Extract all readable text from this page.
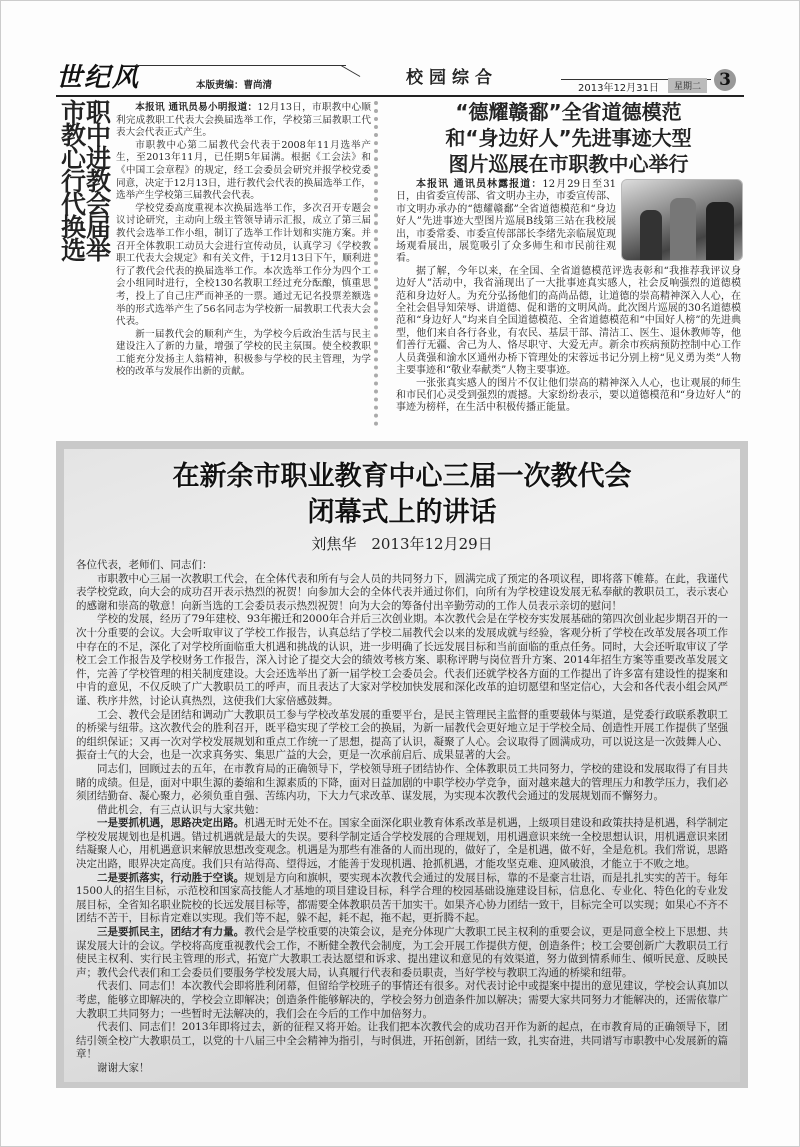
世纪风	本版责编：曹尚清	校园综合
2013年12月31日	星期二	3
市职教中心进行教代会换届选举

本报讯 通讯员易小明报道：12月13日，市职教中心顺利完成教职工代表大会换届选举工作，学校第三届教职工代表大会代表正式产生。

市职教中心第二届教代会代表于2008年11月选举产生，至2013年11月，已任期5年届满。根据《工会法》和《中国工会章程》的规定，经工会委员会研究并报学校党委同意，决定于12月13日，进行教代会代表的换届选举工作，选举产生学校第三届教代会代表。

学校党委高度重视本次换届选举工作，多次召开专题会议讨论研究，主动向上级主管领导请示汇报，成立了第三届教代会选举工作小组，制订了选举工作计划和实施方案。并召开全体教职工动员大会进行宣传动员，认真学习《学校教职工代表大会规定》和有关文件，于12月13日下午，顺利进行了教代会代表的换届选举工作。本次选举工作分为四个工会小组同时进行，全校130名教职工经过充分酝酿，慎重思考，投上了自己庄严而神圣的一票。通过无记名投票差额选举的形式选举产生了56名同志为学校新一届教职工代表大会代表。

新一届教代会的顺利产生，为学校今后政治生活与民主建设注入了新的力量，增强了学校的民主氛围。使全校教职工能充分发扬主人翁精神，积极参与学校的民主管理，为学校的改革与发展作出新的贡献。

“德耀赣鄱”全省道德模范
和“身边好人”先进事迹大型
图片巡展在市职教中心举行

本报讯 通讯员林露报道：12月29日至31日，由省委宣传部、省文明办主办，市委宣传部、市文明办承办的“德耀赣鄱”全省道德模范和“身边好人”先进事迹大型图片巡展B线第三站在我校展出，市委常委、市委宣传部部长李绪先亲临展览现场观看展出，展览吸引了众多师生和市民前往观看。

据了解，今年以来，在全国、全省道德模范评选表彰和“我推荐我评议身边好人”活动中，我省涌现出了一大批事迹真实感人，社会反响强烈的道德模范和身边好人。为充分弘扬他们的高尚品德，让道德的崇高精神深入人心，在全社会倡导知荣辱、讲道德、促和谐的文明风尚。此次图片巡展的30名道德模范和“身边好人”均来自全国道德模范、全省道德模范和“中国好人榜”的先进典型，他们来自各行各业，有农民、基层干部、清洁工、医生、退休教师等，他们善行无疆、舍己为人、恪尽职守、大爱无声。新余市疾病预防控制中心工作人员龚强和渝水区通州办桥下管理处的宋蓉远书记分别上榜“见义勇为类”人物主要事迹和“敬业奉献类”人物主要事迹。

一张张真实感人的图片不仅让他们崇高的精神深入人心，也让观展的师生和市民们心灵受到强烈的震撼。大家纷纷表示，要以道德模范和“身边好人”的事迹为榜样，在生活中积极传播正能量。

在新余市职业教育中心三届一次教代会
闭幕式上的讲话
刘焦华　2013年12月29日

各位代表，老师们、同志们：

市职教中心三届一次教职工代会，在全体代表和所有与会人员的共同努力下，圆满完成了预定的各项议程，即将落下帷幕。在此，我谨代表学校党政，向大会的成功召开表示热烈的祝贺！向参加大会的全体代表并通过你们，向所有为学校建设发展无私奉献的教职员工，表示衷心的感谢和崇高的敬意！向新当选的工会委员表示热烈祝贺！向为大会的筹备付出辛勤劳动的工作人员表示亲切的慰问！

学校的发展，经历了79年建校、93年搬迁和2000年合并后三次创业期。本次教代会是在学校夯实发展基础的第四次创业起步期召开的一次十分重要的会议。大会听取审议了学校工作报告，认真总结了学校二届教代会以来的发展成就与经验，客观分析了学校在改革发展各项工作中存在的不足，深化了对学校所面临重大机遇和挑战的认识，进一步明确了长远发展目标和当前面临的重点任务。同时，大会还听取审议了学校工会工作报告及学校财务工作报告，深入讨论了提交大会的绩效考核方案、职称评聘与岗位晋升方案、2014年招生方案等重要改革发展文件，完善了学校管理的相关制度建设。大会还选举出了新一届学校工会委员会。代表们还就学校各方面的工作提出了许多富有建设性的提案和中肯的意见，不仅反映了广大教职员工的呼声，而且表达了大家对学校加快发展和深化改革的迫切愿望和坚定信心，大会和各代表小组会风严谨、秩序井然，讨论认真热烈，这使我们大家倍感鼓舞。

工会、教代会是团结和调动广大教职员工参与学校改革发展的重要平台，是民主管理民主监督的重要载体与渠道，是党委行政联系教职工的桥梁与纽带。这次教代会的胜利召开，既平稳实现了学校工会的换届，为新一届教代会更好地立足于学校全局、创造性开展工作提供了坚强的组织保证；又再一次对学校发展规划和重点工作统一了思想，提高了认识，凝聚了人心。会议取得了圆满成功，可以说这是一次鼓舞人心、振奋士气的大会，也是一次求真务实、集思广益的大会，更是一次承前启后、成果显著的大会。

同志们，回顾过去的五年，在市教育局的正确领导下，学校领导班子团结协作、全体教职员工共同努力，学校的建设和发展取得了有目共睹的成绩。但是，面对中职生源的萎缩和生源素质的下降，面对日益加剧的中职学校办学竞争，面对越来越大的管理压力和教学压力，我们必须团结勤奋、凝心聚力，必须负重自强、苦练内功，下大力气求改革、谋发展，为实现本次教代会通过的发展规划而不懈努力。

借此机会，有三点认识与大家共勉：

一是要抓机遇，思路决定出路。机遇无时无处不在。国家全面深化职业教育体系改革是机遇，上级项目建设和政策扶持是机遇，科学制定学校发展规划也是机遇。错过机遇就是最大的失误。要科学制定适合学校发展的合理规划，用机遇意识来统一全校思想认识，用机遇意识来团结凝聚人心，用机遇意识来解放思想改变观念。机遇是为那些有准备的人而出现的，做好了，全是机遇，做不好，全是危机。我们常说，思路决定出路，眼界决定高度。我们只有站得高、望得远，才能善于发现机遇、抢抓机遇，才能攻坚克难、迎风破浪，才能立于不败之地。

二是要抓落实，行动胜于空谈。规划是方向和旗帜，要实现本次教代会通过的发展目标，靠的不是豪言壮语，而是扎扎实实的苦干。每年1500人的招生目标，示范校和国家高技能人才基地的项目建设目标，科学合理的校园基础设施建设目标，信息化、专业化、特色化的专业发展目标，全省知名职业院校的长远发展目标等，都需要全体教职员苦干加实干。如果齐心协力团结一致干，目标完全可以实现；如果心不齐不团结不苦干，目标肯定难以实现。我们等不起，躲不起，耗不起，拖不起，更折腾不起。

三是要抓民主，团结才有力量。教代会是学校重要的决策会议，是充分体现广大教职工民主权利的重要会议，更是同意全校上下思想、共谋发展大计的会议。学校将高度重视教代会工作，不断健全教代会制度，为工会开展工作提供方便，创造条件；校工会要创新广大教职员工行使民主权利、实行民主管理的形式，拓宽广大教职工表达愿望和诉求、提出建议和意见的有效渠道，努力做到情系师生、倾听民意、反映民声；教代会代表们和工会委员们要服务学校发展大局，认真履行代表和委员职责，当好学校与教职工沟通的桥梁和纽带。

代表们、同志们！本次教代会即将胜利闭幕，但留给学校班子的事情还有很多。对代表讨论中或提案中提出的意见建议，学校会认真加以考虑，能够立即解决的，学校会立即解决；创造条件能够解决的，学校会努力创造条件加以解决；需要大家共同努力才能解决的，还需依靠广大教职工共同努力；一些暂时无法解决的，我们会在今后的工作中加倍努力。

代表们、同志们！2013年即将过去，新的征程又将开始。让我们把本次教代会的成功召开作为新的起点，在市教育局的正确领导下，团结引领全校广大教职员工，以党的十八届三中全会精神为指引，与时俱进，开拓创新，团结一致，扎实奋进，共同谱写市职教中心发展新的篇章！

谢谢大家！
